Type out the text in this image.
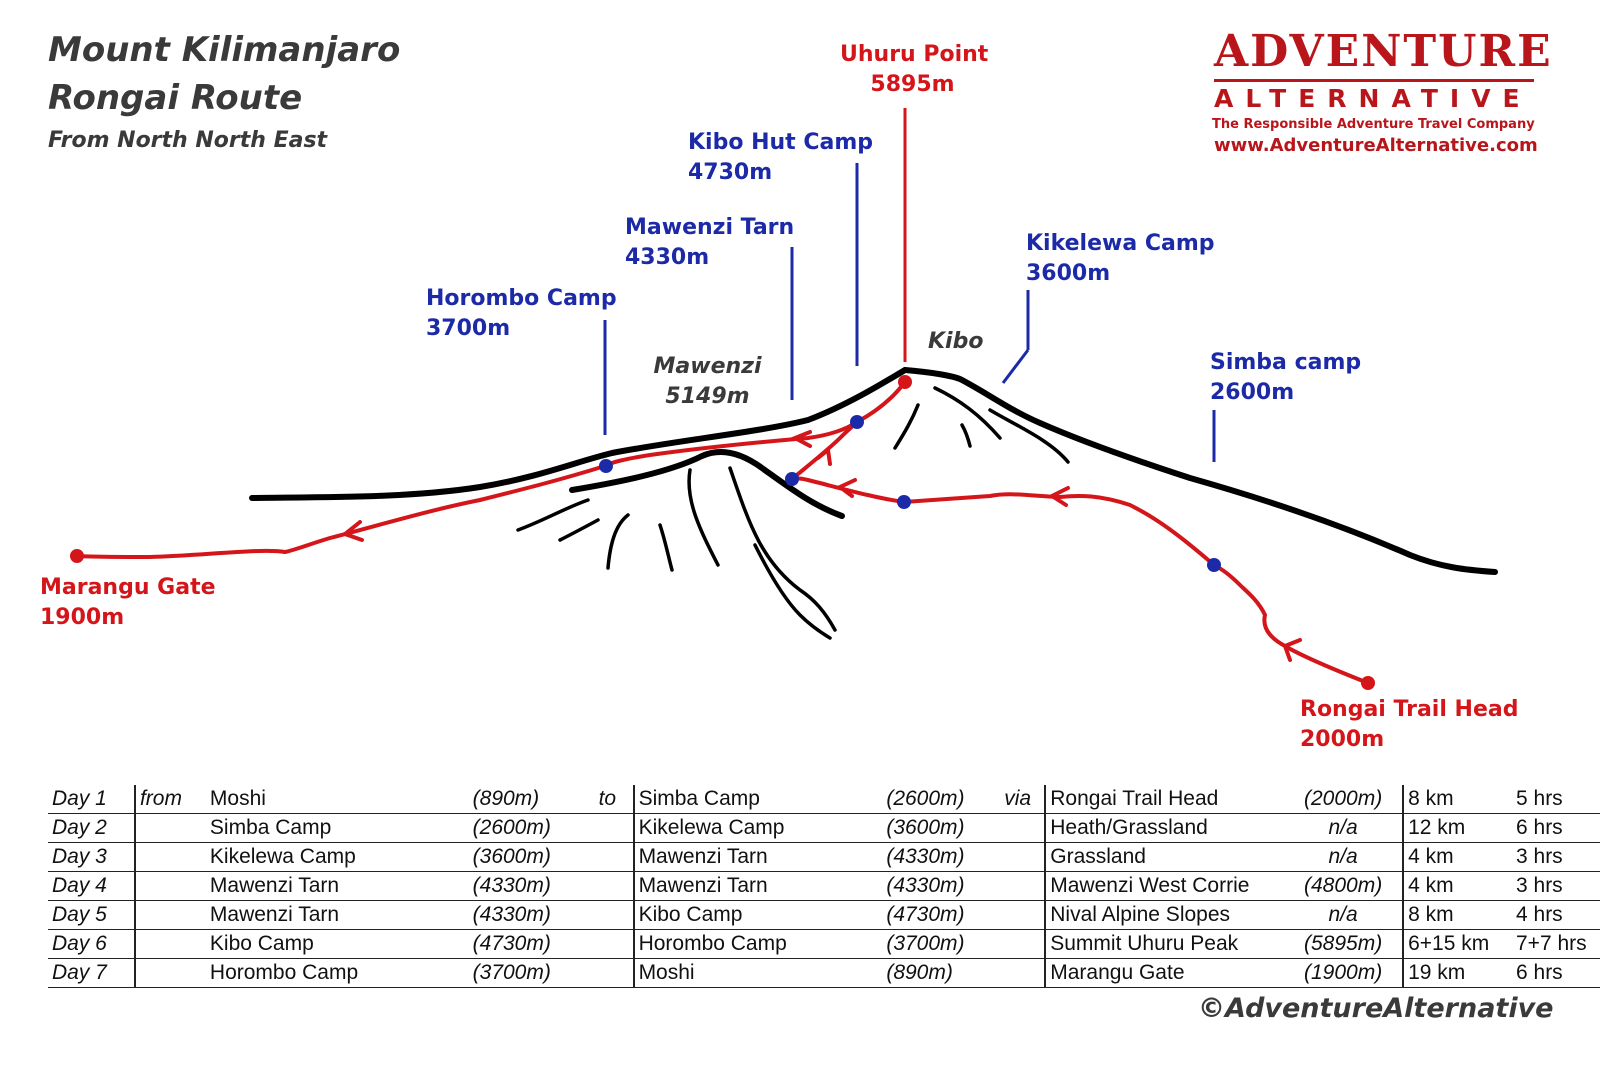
Mount Kilimanjaro
Rongai Route
From North North East
ADVENTURE
ALTERNATIVE
The Responsible Adventure Travel Company
www.AdventureAlternative.com
Uhuru Point
5895m
Kibo Hut Camp
4730m
Mawenzi Tarn
4330m
Horombo Camp
3700m
Kikelewa Camp
3600m
Simba camp
2600m
Marangu Gate
1900m
Rongai Trail Head
2000m
Mawenzi
5149m
Kibo
Day 1	from	Moshi	(890m)	to	Simba Camp	(2600m)	via	Rongai Trail Head	(2000m)	8 km	5 hrs
Day 2		Simba Camp	(2600m)		Kikelewa Camp	(3600m)		Heath/Grassland	n/a	12 km	6 hrs
Day 3		Kikelewa Camp	(3600m)		Mawenzi Tarn	(4330m)		Grassland	n/a	4 km	3 hrs
Day 4		Mawenzi Tarn	(4330m)		Mawenzi Tarn	(4330m)		Mawenzi West Corrie	(4800m)	4 km	3 hrs
Day 5		Mawenzi Tarn	(4330m)		Kibo Camp	(4730m)		Nival Alpine Slopes	n/a	8 km	4 hrs
Day 6		Kibo Camp	(4730m)		Horombo Camp	(3700m)		Summit Uhuru Peak	(5895m)	6+15 km	7+7 hrs
Day 7		Horombo Camp	(3700m)		Moshi	(890m)		Marangu Gate	(1900m)	19 km	6 hrs
©AdventureAlternative
